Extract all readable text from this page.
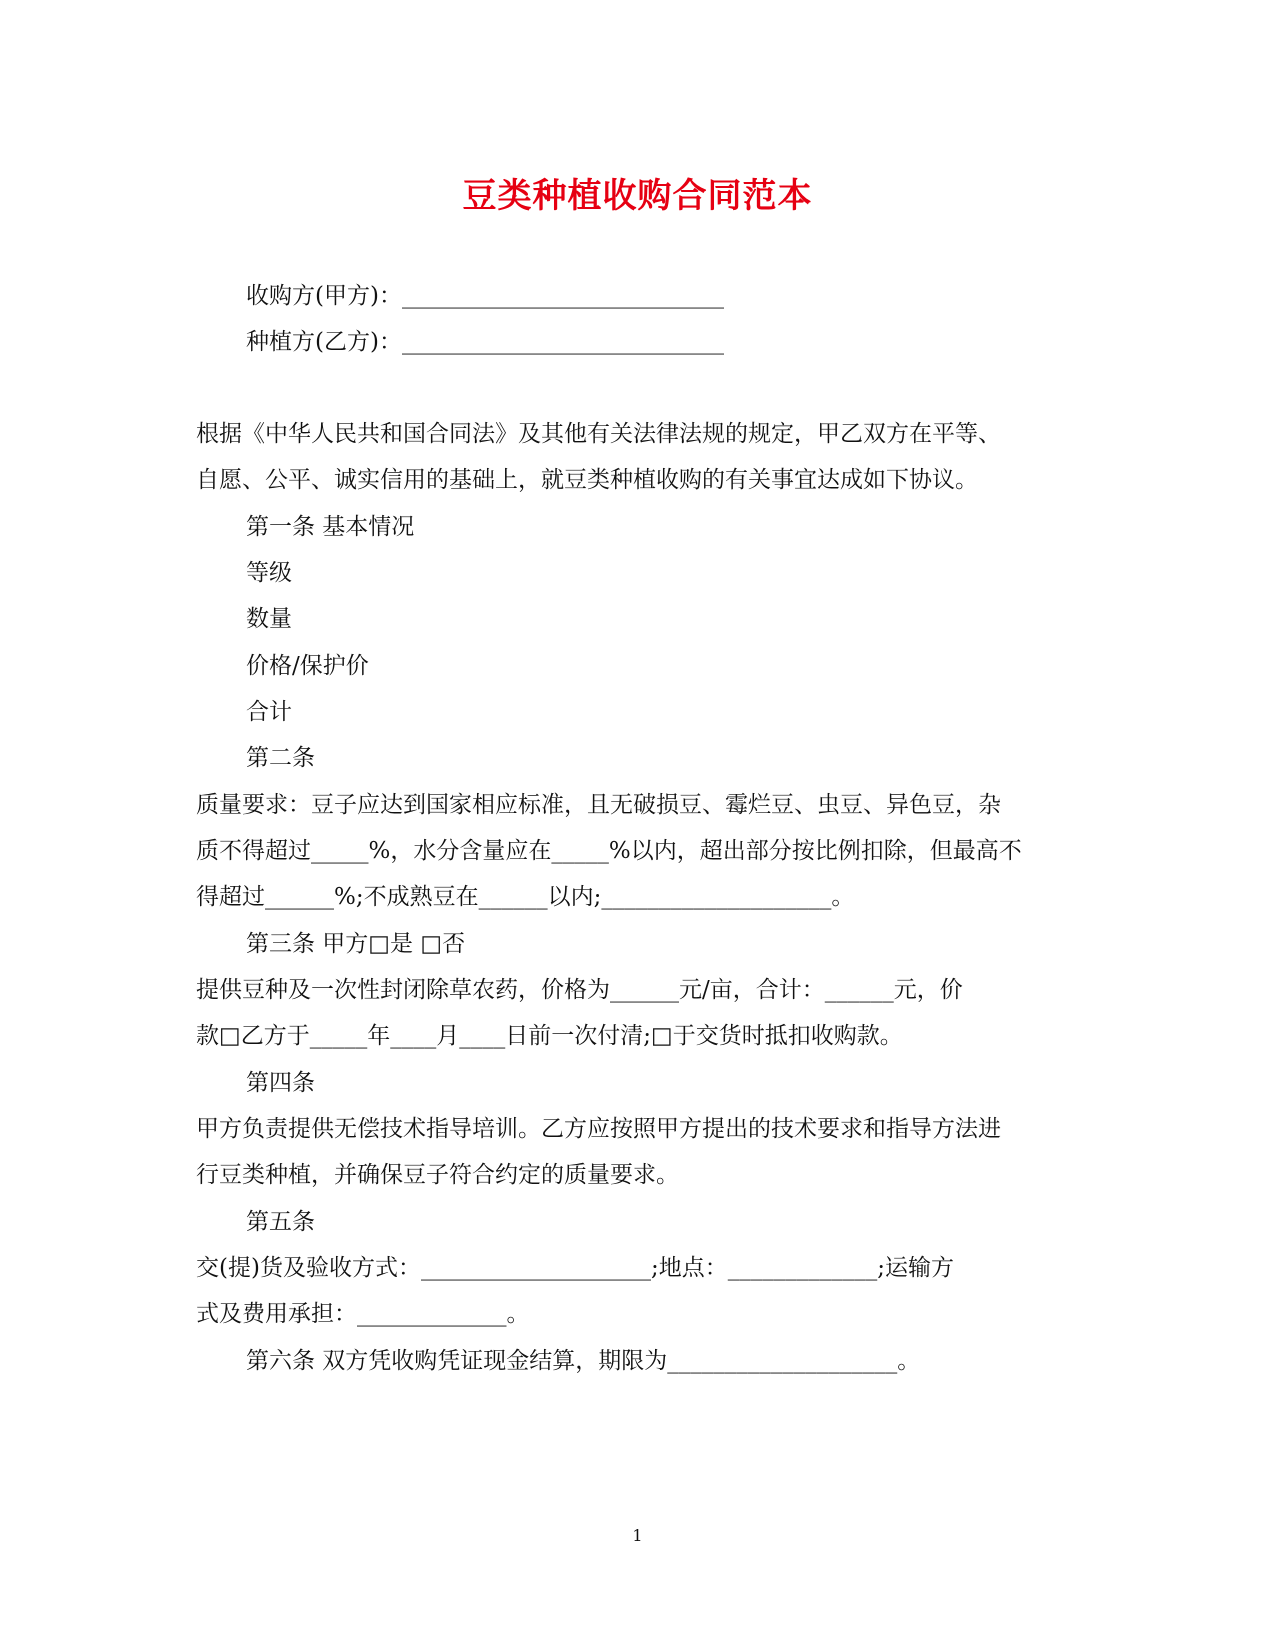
豆类种植收购合同范本
收购方(甲方)：____________________________
种植方(乙方)：____________________________
根据《中华人民共和国合同法》及其他有关法律法规的规定，甲乙双方在平等、
自愿、公平、诚实信用的基础上，就豆类种植收购的有关事宜达成如下协议。
第一条 基本情况
等级
数量
价格/保护价
合计
第二条
质量要求：豆子应达到国家相应标准，且无破损豆、霉烂豆、虫豆、异色豆，杂
质不得超过_____%，水分含量应在_____%以内，超出部分按比例扣除，但最高不
得超过______%;不成熟豆在______以内;____________________。
第三条 甲方□是 □否
提供豆种及一次性封闭除草农药，价格为______元/亩，合计：______元，价
款□乙方于_____年____月____日前一次付清;□于交货时抵扣收购款。
第四条
甲方负责提供无偿技术指导培训。乙方应按照甲方提出的技术要求和指导方法进
行豆类种植，并确保豆子符合约定的质量要求。
第五条
交(提)货及验收方式：____________________;地点：_____________;运输方
式及费用承担：_____________。
第六条 双方凭收购凭证现金结算，期限为____________________。
1
